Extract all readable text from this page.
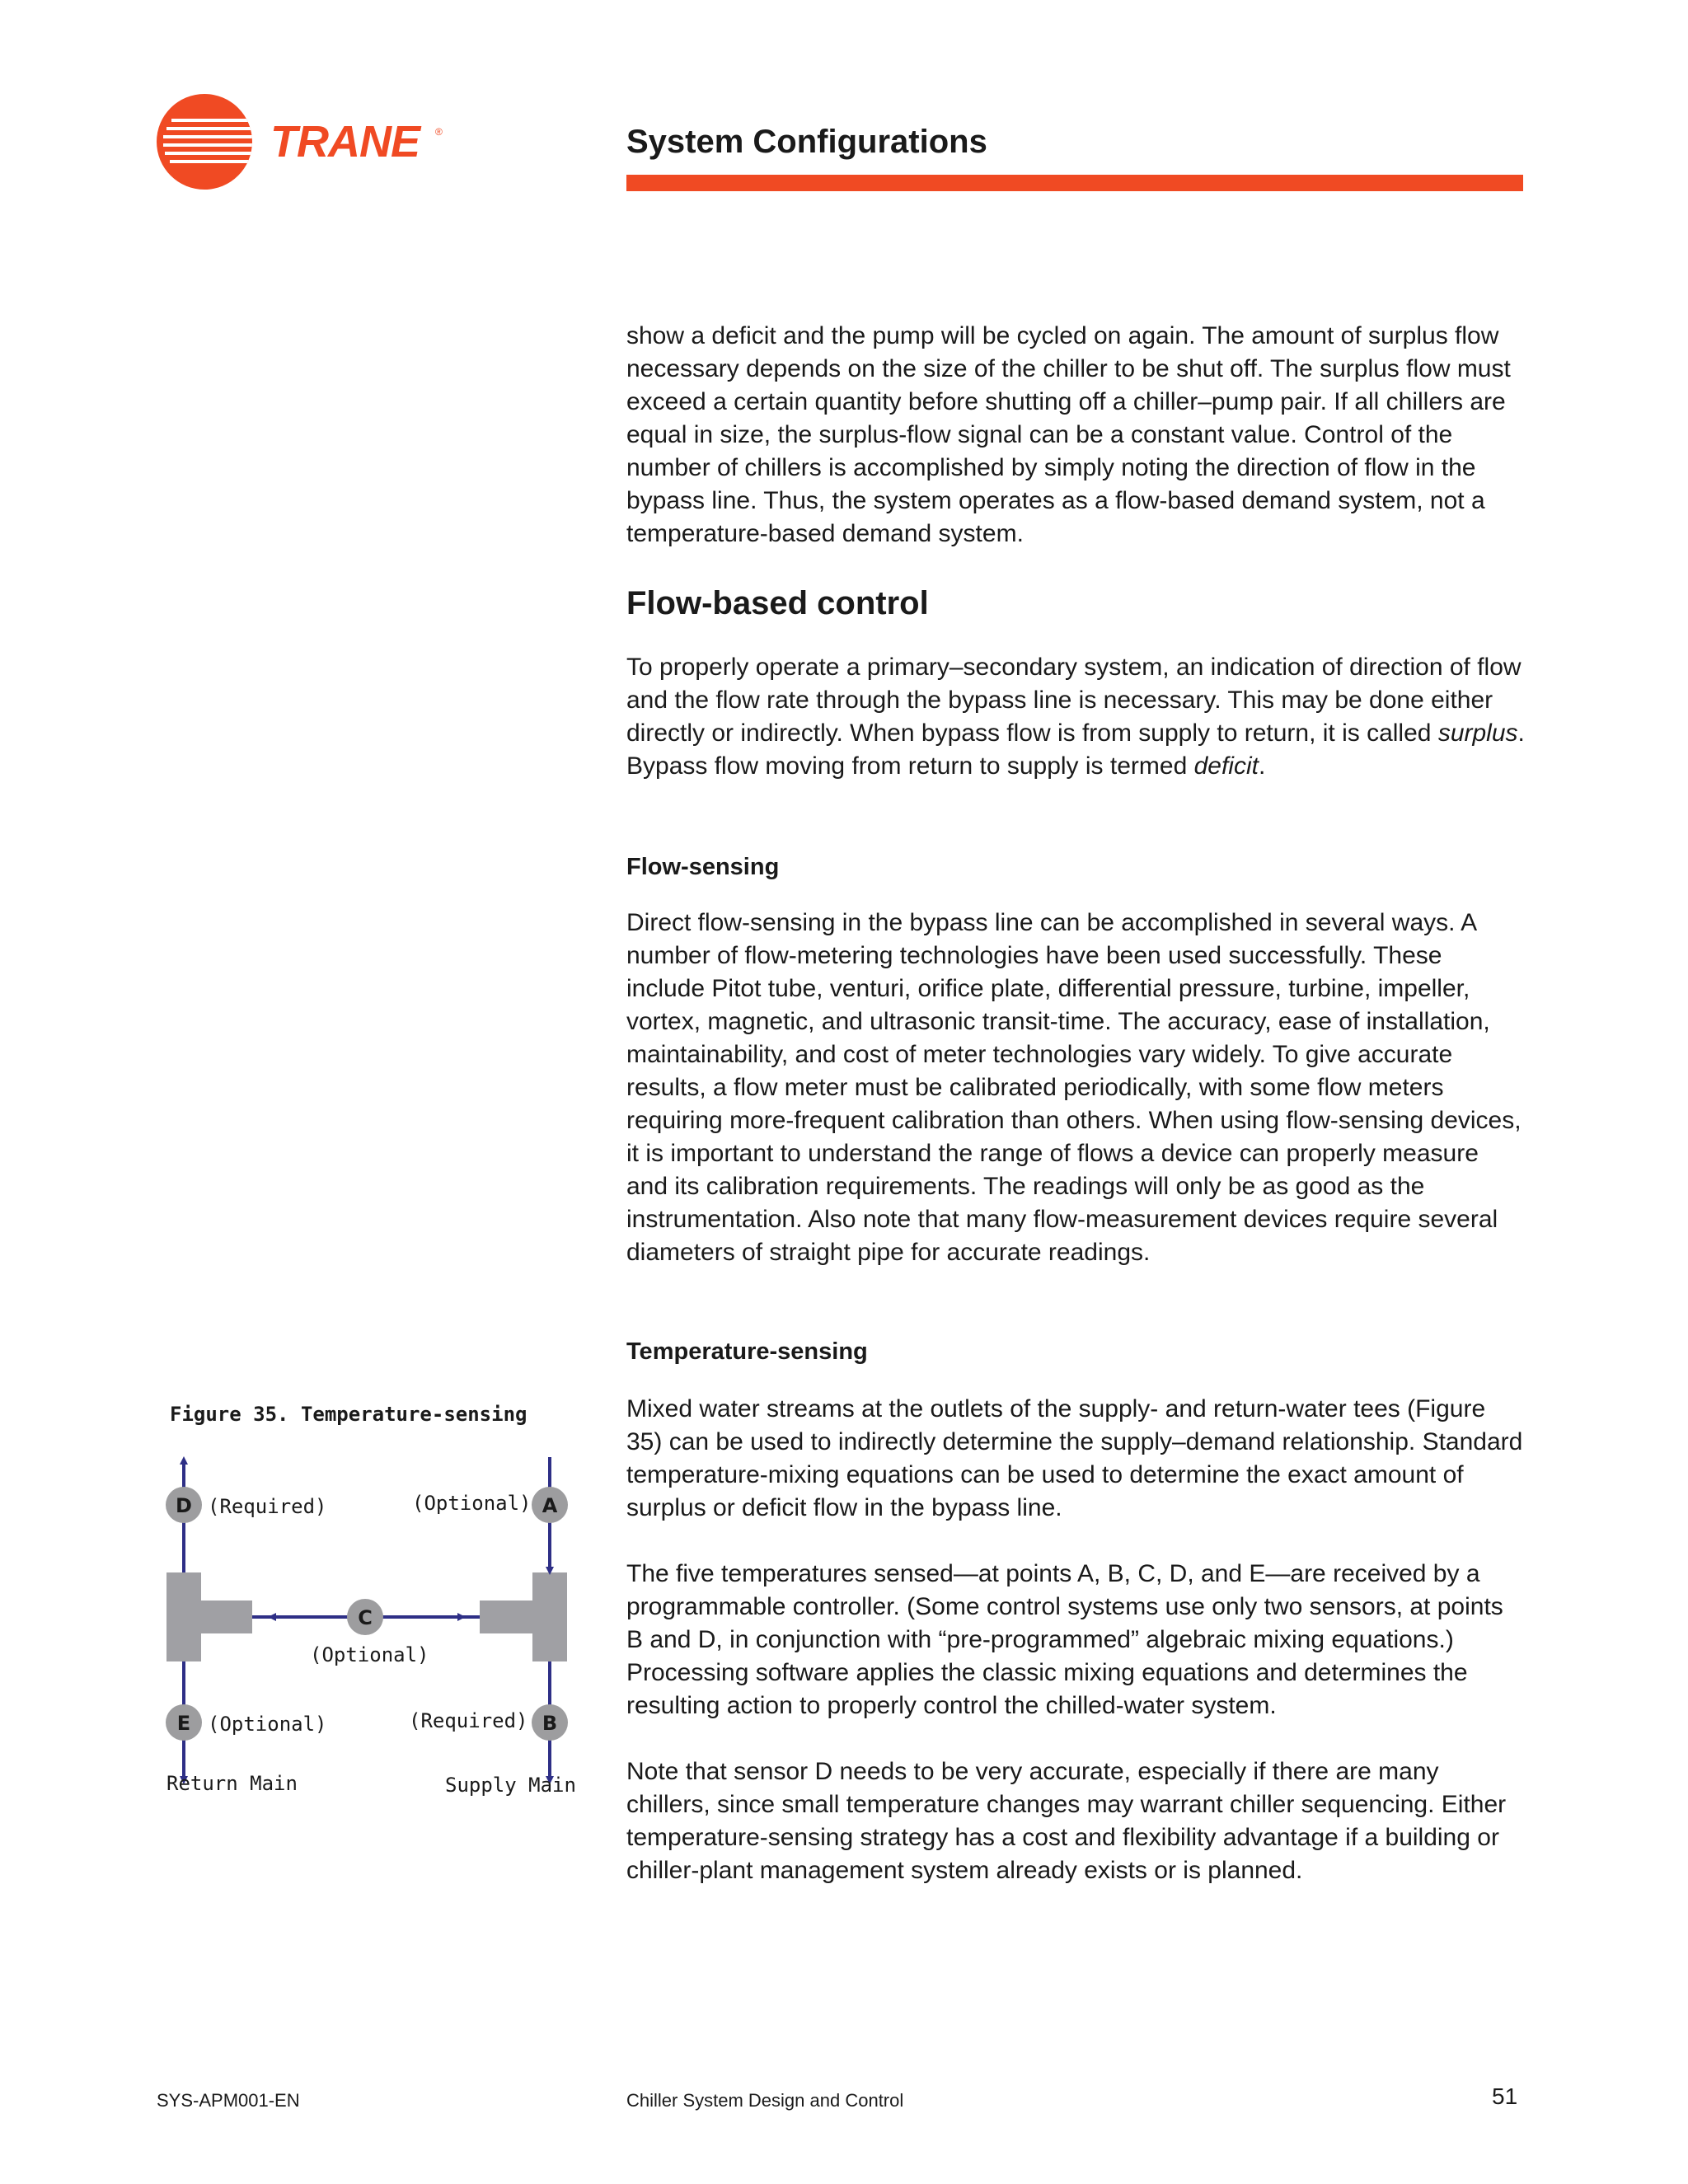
TRANE ®	System Configurations

show a deficit and the pump will be cycled on again. The amount of surplus flow necessary depends on the size of the chiller to be shut off. The surplus flow must exceed a certain quantity before shutting off a chiller–pump pair. If all chillers are equal in size, the surplus-flow signal can be a constant value. Control of the number of chillers is accomplished by simply noting the direction of flow in the bypass line. Thus, the system operates as a flow-based demand system, not a temperature-based demand system.

Flow-based control

To properly operate a primary–secondary system, an indication of direction of flow and the flow rate through the bypass line is necessary. This may be done either directly or indirectly. When bypass flow is from supply to return, it is called surplus. Bypass flow moving from return to supply is termed deficit.

Flow-sensing

Direct flow-sensing in the bypass line can be accomplished in several ways. A number of flow-metering technologies have been used successfully. These include Pitot tube, venturi, orifice plate, differential pressure, turbine, impeller, vortex, magnetic, and ultrasonic transit-time. The accuracy, ease of installation, maintainability, and cost of meter technologies vary widely. To give accurate results, a flow meter must be calibrated periodically, with some flow meters requiring more-frequent calibration than others. When using flow-sensing devices, it is important to understand the range of flows a device can properly measure and its calibration requirements. The readings will only be as good as the instrumentation. Also note that many flow-measurement devices require several diameters of straight pipe for accurate readings.

Temperature-sensing

Mixed water streams at the outlets of the supply- and return-water tees (Figure 35) can be used to indirectly determine the supply–demand relationship. Standard temperature-mixing equations can be used to determine the exact amount of surplus or deficit flow in the bypass line.

The five temperatures sensed—at points A, B, C, D, and E—are received by a programmable controller. (Some control systems use only two sensors, at points B and D, in conjunction with “pre-programmed” algebraic mixing equations.) Processing software applies the classic mixing equations and determines the resulting action to properly control the chilled-water system.

Note that sensor D needs to be very accurate, especially if there are many chillers, since small temperature changes may warrant chiller sequencing. Either temperature-sensing strategy has a cost and flexibility advantage if a building or chiller-plant management system already exists or is planned.

Figure 35. Temperature-sensing
D	A
C
E	B
(Required)	(Optional)
(Optional)
(Optional)	(Required)
Return Main	Supply Main
SYS-APM001-EN	Chiller System Design and Control	51
